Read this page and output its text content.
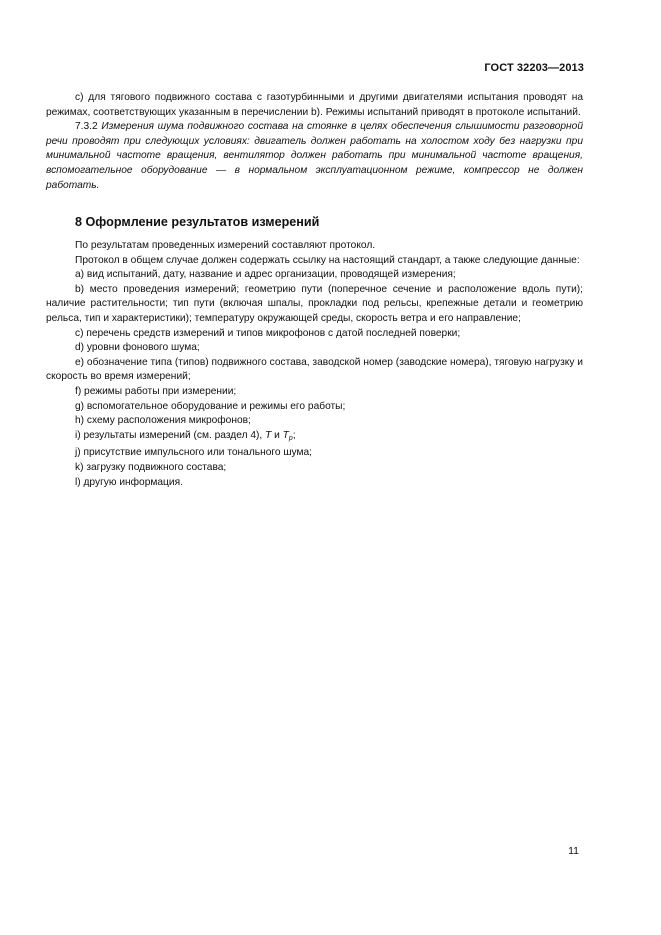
ГОСТ 32203—2013

c) для тягового подвижного состава с газотурбинными и другими двигателями испытания проводят на режимах, соответствующих указанным в перечислении b). Режимы испытаний приводят в протоколе испытаний.

7.3.2 Измерения шума подвижного состава на стоянке в целях обеспечения слышимости разговорной речи проводят при следующих условиях: двигатель должен работать на холостом ходу без нагрузки при минимальной частоте вращения, вентилятор должен работать при минимальной частоте вращения, вспомогательное оборудование — в нормальном эксплуатационном режиме, компрессор не должен работать.

8 Оформление результатов измерений

По результатам проведенных измерений составляют протокол.

Протокол в общем случае должен содержать ссылку на настоящий стандарт, а также следующие данные:

a) вид испытаний, дату, название и адрес организации, проводящей измерения;

b) место проведения измерений; геометрию пути (поперечное сечение и расположение вдоль пути); наличие растительности; тип пути (включая шпалы, прокладки под рельсы, крепежные детали и геометрию рельса, тип и характеристики); температуру окружающей среды, скорость ветра и его направление;

c) перечень средств измерений и типов микрофонов с датой последней поверки;

d) уровни фонового шума;

e) обозначение типа (типов) подвижного состава, заводской номер (заводские номера), тяговую нагрузку и скорость во время измерений;

f) режимы работы при измерении;

g) вспомогательное оборудование и режимы его работы;

h) схему расположения микрофонов;

i) результаты измерений (см. раздел 4), T и $T_p$;

j) присутствие импульсного или тонального шума;

k) загрузку подвижного состава;

l) другую информация.

11
